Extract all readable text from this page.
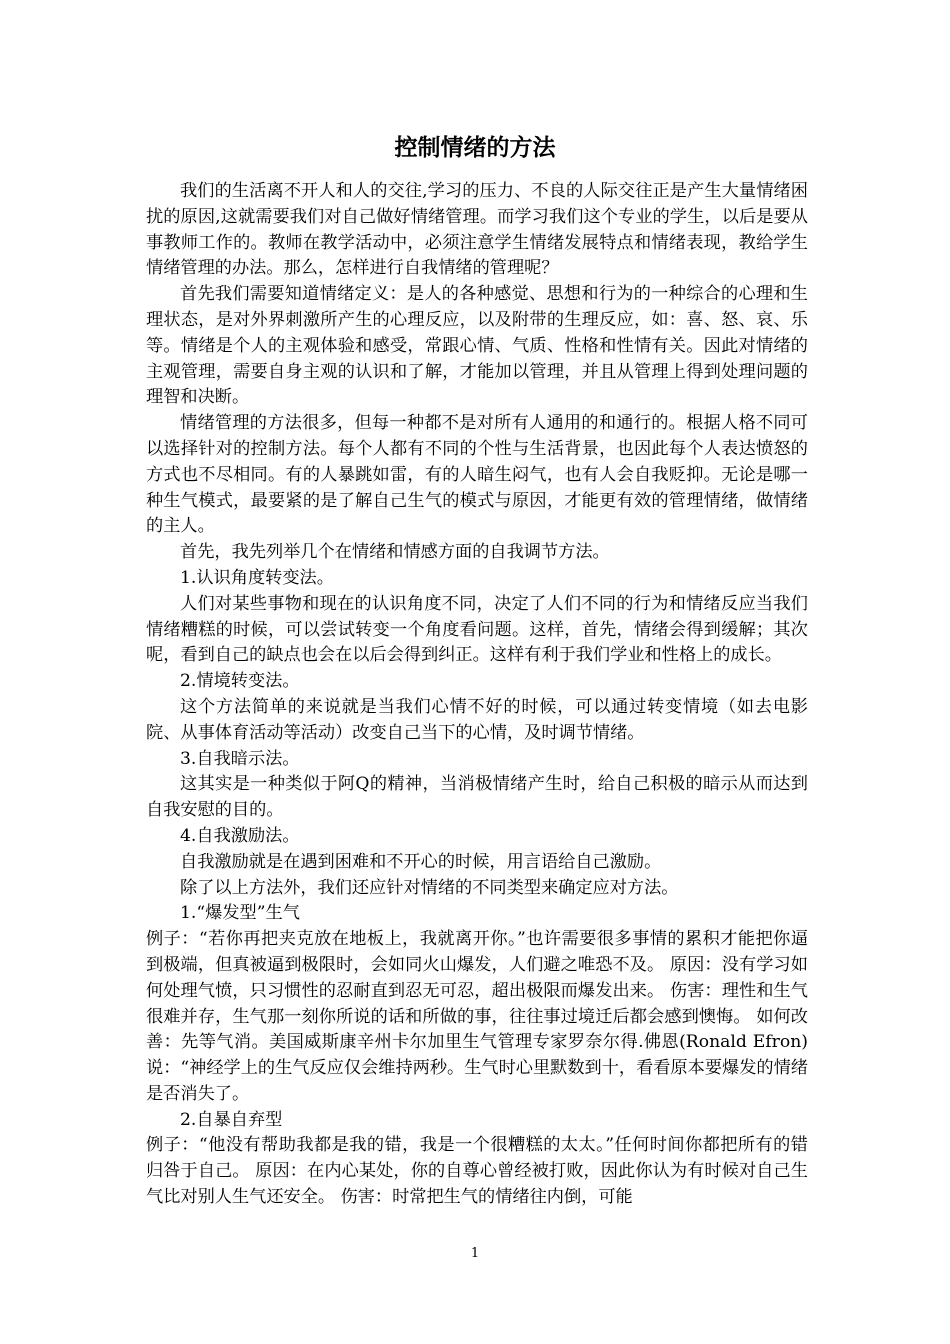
控制情绪的方法

我们的生活离不开人和人的交往,学习的压力、不良的人际交往正是产生大量情绪困扰的原因,这就需要我们对自己做好情绪管理。而学习我们这个专业的学生，以后是要从事教师工作的。教师在教学活动中，必须注意学生情绪发展特点和情绪表现，教给学生情绪管理的办法。那么，怎样进行自我情绪的管理呢？

首先我们需要知道情绪定义：是人的各种感觉、思想和行为的一种综合的心理和生理状态，是对外界刺激所产生的心理反应，以及附带的生理反应，如：喜、怒、哀、乐等。情绪是个人的主观体验和感受，常跟心情、气质、性格和性情有关。因此对情绪的主观管理，需要自身主观的认识和了解，才能加以管理，并且从管理上得到处理问题的理智和决断。

情绪管理的方法很多，但每一种都不是对所有人通用的和通行的。根据人格不同可以选择针对的控制方法。每个人都有不同的个性与生活背景，也因此每个人表达愤怒的方式也不尽相同。有的人暴跳如雷，有的人暗生闷气，也有人会自我贬抑。无论是哪一种生气模式，最要紧的是了解自己生气的模式与原因，才能更有效的管理情绪，做情绪的主人。

首先，我先列举几个在情绪和情感方面的自我调节方法。

1.认识角度转变法。

人们对某些事物和现在的认识角度不同，决定了人们不同的行为和情绪反应当我们情绪糟糕的时候，可以尝试转变一个角度看问题。这样，首先，情绪会得到缓解；其次呢，看到自己的缺点也会在以后会得到纠正。这样有利于我们学业和性格上的成长。

2.情境转变法。

这个方法简单的来说就是当我们心情不好的时候，可以通过转变情境（如去电影院、从事体育活动等活动）改变自己当下的心情，及时调节情绪。

3.自我暗示法。

这其实是一种类似于阿Q的精神，当消极情绪产生时，给自己积极的暗示从而达到自我安慰的目的。

4.自我激励法。

自我激励就是在遇到困难和不开心的时候，用言语给自己激励。

除了以上方法外，我们还应针对情绪的不同类型来确定应对方法。

1.“爆发型”生气

例子：“若你再把夹克放在地板上，我就离开你。”也许需要很多事情的累积才能把你逼到极端，但真被逼到极限时，会如同火山爆发，人们避之唯恐不及。 原因：没有学习如何处理气愤，只习惯性的忍耐直到忍无可忍，超出极限而爆发出来。 伤害：理性和生气很难并存，生气那一刻你所说的话和所做的事，往往事过境迁后都会感到懊悔。 如何改善：先等气消。美国威斯康辛州卡尔加里生气管理专家罗奈尔得.佛恩(Ronald Efron)说：“神经学上的生气反应仅会维持两秒。生气时心里默数到十，看看原本要爆发的情绪是否消失了。

2.自暴自弃型

例子：“他没有帮助我都是我的错，我是一个很糟糕的太太。”任何时间你都把所有的错归咎于自己。 原因：在内心某处，你的自尊心曾经被打败，因此你认为有时候对自己生气比对别人生气还安全。 伤害：时常把生气的情绪往内倒，可能

1
